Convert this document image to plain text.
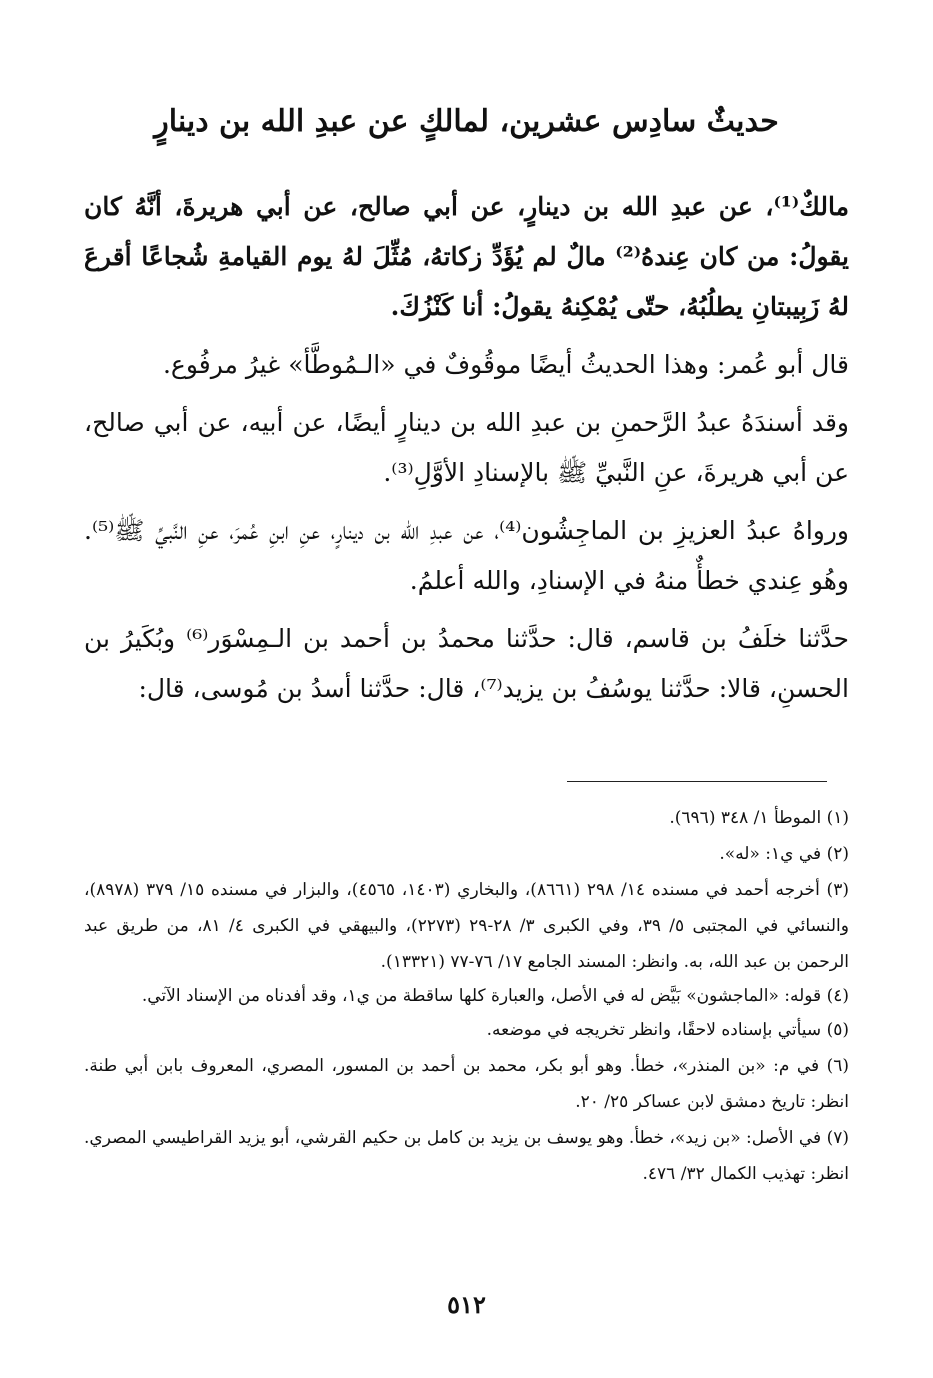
حديثٌ سادِس عشرين، لمالكٍ عن عبدِ الله بن دينارٍ

مالكٌ⁽¹⁾، عن عبدِ الله بن دينارٍ، عن أبي صالح، عن أبي هريرةَ، أنَّهُ كان يقولُ: من كان عِندهُ⁽²⁾ مالٌ لم يُؤَدِّ زكاتهُ، مُثِّلَ لهُ يوم القيامةِ شُجاعًا أقرعَ لهُ زَبِيبتانِ يطلُبُهُ، حتّى يُمْكِنهُ يقولُ: أنا كَنْزُكَ.

قال أبو عُمر: وهذا الحديثُ أيضًا موقُوفٌ في «الـمُوطَّأ» غيرُ مرفُوع.

وقد أسندَهُ عبدُ الرَّحمنِ بن عبدِ الله بن دينارٍ أيضًا، عن أبيه، عن أبي صالح، عن أبي هريرةَ، عنِ النَّبيِّ ﷺ بالإسنادِ الأوَّلِ⁽³⁾.

ورواهُ عبدُ العزيزِ بن الماجِشُون⁽⁴⁾، عن عبدِ الله بن دينارٍ، عنِ ابنِ عُمرَ، عنِ النَّبيِّ ﷺ⁽⁵⁾. وهُو عِندي خطأٌ منهُ في الإسنادِ، والله أعلمُ.

حدَّثنا خلَفُ بن قاسم، قال: حدَّثنا محمدُ بن أحمد بن الـمِسْوَر⁽⁶⁾ وبُكَيرُ بن الحسنِ، قالا: حدَّثنا يوسُفُ بن يزيد⁽⁷⁾، قال: حدَّثنا أسدُ بن مُوسى، قال:

(١) الموطأ ١/ ٣٤٨ (٦٩٦).

(٢) في ي١: «له».

(٣) أخرجه أحمد في مسنده ١٤/ ٢٩٨ (٨٦٦١)، والبخاري (١٤٠٣، ٤٥٦٥)، والبزار في مسنده ١٥/ ٣٧٩ (٨٩٧٨)، والنسائي في المجتبى ٥/ ٣٩، وفي الكبرى ٣/ ٢٨-٢٩ (٢٢٧٣)، والبيهقي في الكبرى ٤/ ٨١، من طريق عبد الرحمن بن عبد الله، به. وانظر: المسند الجامع ١٧/ ٧٦-٧٧ (١٣٣٢١).

(٤) قوله: «الماجشون» بَيَّض له في الأصل، والعبارة كلها ساقطة من ي١، وقد أفدناه من الإسناد الآتي.

(٥) سيأتي بإسناده لاحقًا، وانظر تخريجه في موضعه.

(٦) في م: «بن المنذر»، خطأ. وهو أبو بكر، محمد بن أحمد بن المسور، المصري، المعروف بابن أبي طنة. انظر: تاريخ دمشق لابن عساكر ٢٥/ ٢٠.

(٧) في الأصل: «بن زيد»، خطأ. وهو يوسف بن يزيد بن كامل بن حكيم القرشي، أبو يزيد القراطيسي المصري. انظر: تهذيب الكمال ٣٢/ ٤٧٦.

٥١٢
